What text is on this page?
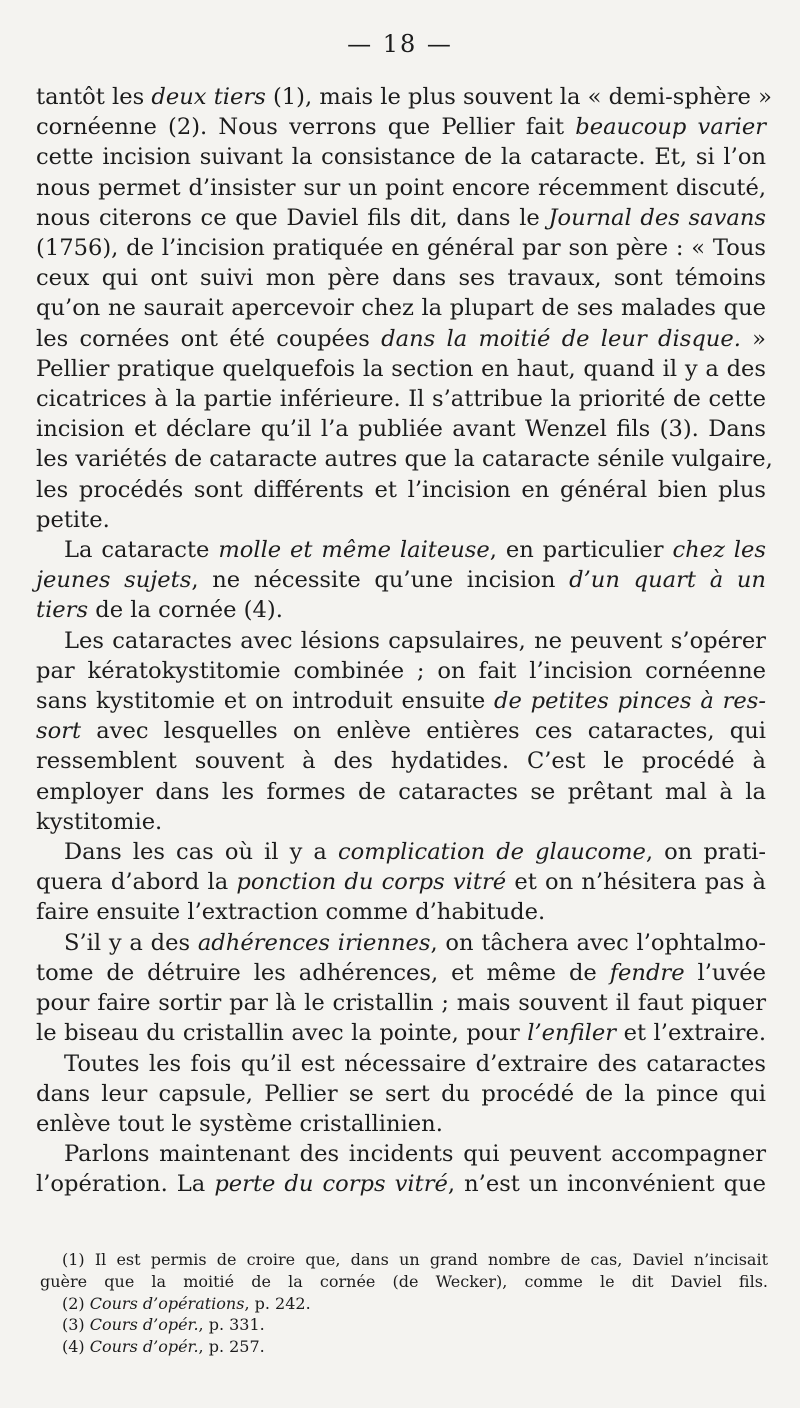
— 18 —
tantôt les deux tiers (1), mais le plus souvent la « demi-sphère »
cornéenne (2). Nous verrons que Pellier fait beaucoup varier
cette incision suivant la consistance de la cataracte. Et, si l’on
nous permet d’insister sur un point encore récemment discuté,
nous citerons ce que Daviel fils dit, dans le Journal des savans
(1756), de l’incision pratiquée en général par son père : « Tous
ceux qui ont suivi mon père dans ses travaux, sont témoins
qu’on ne saurait apercevoir chez la plupart de ses malades que
les cornées ont été coupées dans la moitié de leur disque. »
Pellier pratique quelquefois la section en haut, quand il y a des
cicatrices à la partie inférieure. Il s’attribue la priorité de cette
incision et déclare qu’il l’a publiée avant Wenzel fils (3). Dans
les variétés de cataracte autres que la cataracte sénile vulgaire,
les procédés sont différents et l’incision en général bien plus
petite.
La cataracte molle et même laiteuse, en particulier chez les
jeunes sujets, ne nécessite qu’une incision d’un quart à un
tiers de la cornée (4).
Les cataractes avec lésions capsulaires, ne peuvent s’opérer
par kératokystitomie combinée ; on fait l’incision cornéenne
sans kystitomie et on introduit ensuite de petites pinces à res-
sort avec lesquelles on enlève entières ces cataractes, qui
ressemblent souvent à des hydatides. C’est le procédé à
employer dans les formes de cataractes se prêtant mal à la
kystitomie.
Dans les cas où il y a complication de glaucome, on prati-
quera d’abord la ponction du corps vitré et on n’hésitera pas à
faire ensuite l’extraction comme d’habitude.
S’il y a des adhérences iriennes, on tâchera avec l’ophtalmo-
tome de détruire les adhérences, et même de fendre l’uvée
pour faire sortir par là le cristallin ; mais souvent il faut piquer
le biseau du cristallin avec la pointe, pour l’enfiler et l’extraire.
Toutes les fois qu’il est nécessaire d’extraire des cataractes
dans leur capsule, Pellier se sert du procédé de la pince qui
enlève tout le système cristallinien.
Parlons maintenant des incidents qui peuvent accompagner
l’opération. La perte du corps vitré, n’est un inconvénient que
(1) Il est permis de croire que, dans un grand nombre de cas, Daviel n’incisait
guère que la moitié de la cornée (de Wecker), comme le dit Daviel fils.
(2) Cours d’opérations, p. 242.
(3) Cours d’opér., p. 331.
(4) Cours d’opér., p. 257.
